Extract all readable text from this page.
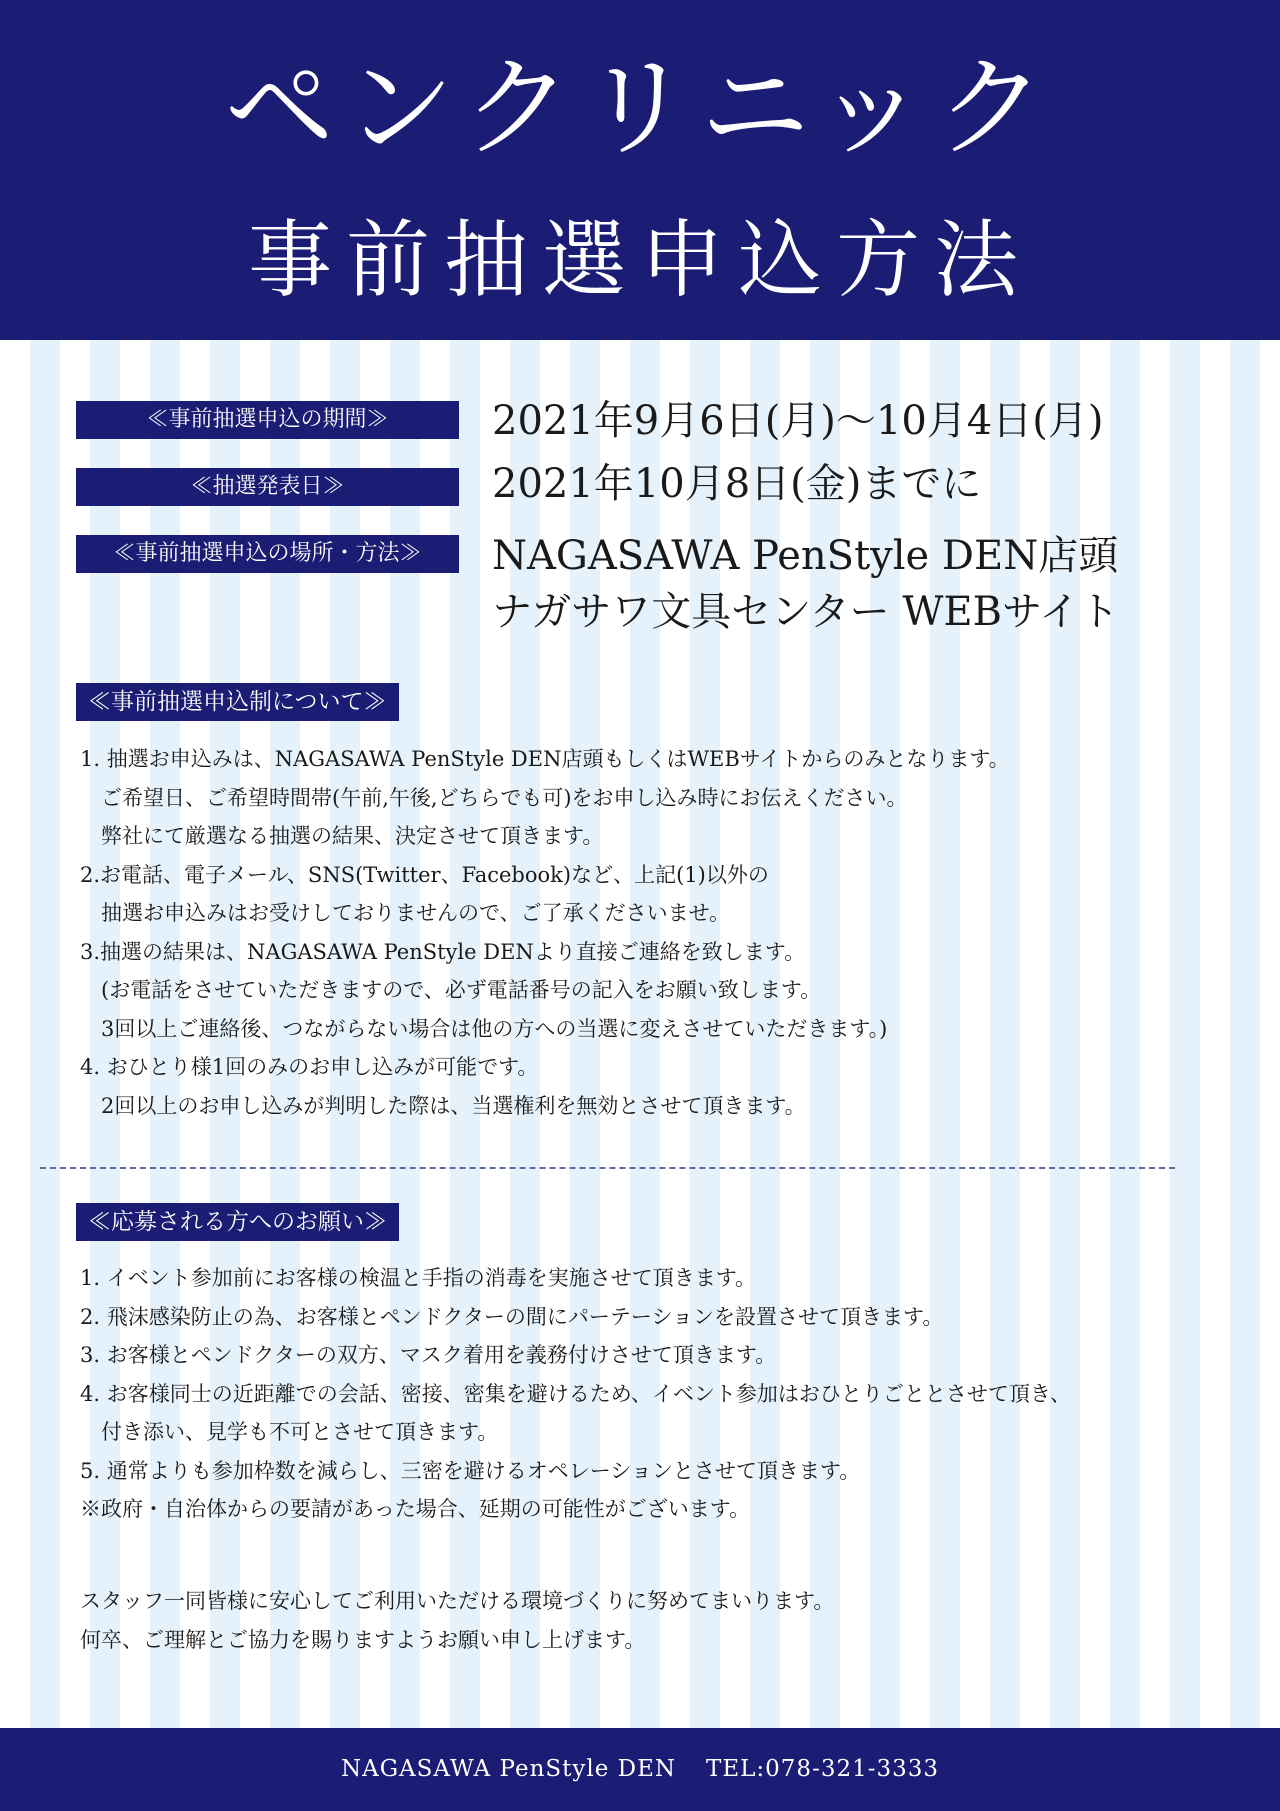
ペンクリニック
事前抽選申込方法
≪事前抽選申込の期間≫	2021年9月6日(月)〜10月4日(月)
≪抽選発表日≫	2021年10月8日(金)までに
≪事前抽選申込の場所・方法≫	NAGASAWA PenStyle DEN店頭
ナガサワ文具センター WEBサイト
≪事前抽選申込制について≫
1. 抽選お申込みは、NAGASAWA PenStyle DEN店頭もしくはWEBサイトからのみとなります。
　ご希望日、ご希望時間帯(午前,午後,どちらでも可)をお申し込み時にお伝えください。
　弊社にて厳選なる抽選の結果、決定させて頂きます。
2.お電話、電子メール、SNS(Twitter、Facebook)など、上記(1)以外の
　抽選お申込みはお受けしておりませんので、ご了承くださいませ。
3.抽選の結果は、NAGASAWA PenStyle DENより直接ご連絡を致します。
　(お電話をさせていただきますので、必ず電話番号の記入をお願い致します。
　3回以上ご連絡後、つながらない場合は他の方への当選に変えさせていただきます。)
4. おひとり様1回のみのお申し込みが可能です。
　2回以上のお申し込みが判明した際は、当選権利を無効とさせて頂きます。
≪応募される方へのお願い≫
1. イベント参加前にお客様の検温と手指の消毒を実施させて頂きます。
2. 飛沫感染防止の為、お客様とペンドクターの間にパーテーションを設置させて頂きます。
3. お客様とペンドクターの双方、マスク着用を義務付けさせて頂きます。
4. お客様同士の近距離での会話、密接、密集を避けるため、イベント参加はおひとりごととさせて頂き、
　付き添い、見学も不可とさせて頂きます。
5. 通常よりも参加枠数を減らし、三密を避けるオペレーションとさせて頂きます。
※政府・自治体からの要請があった場合、延期の可能性がございます。
スタッフ一同皆様に安心してご利用いただける環境づくりに努めてまいります。
何卒、ご理解とご協力を賜りますようお願い申し上げます。
NAGASAWA PenStyle DEN TEL:078-321-3333
